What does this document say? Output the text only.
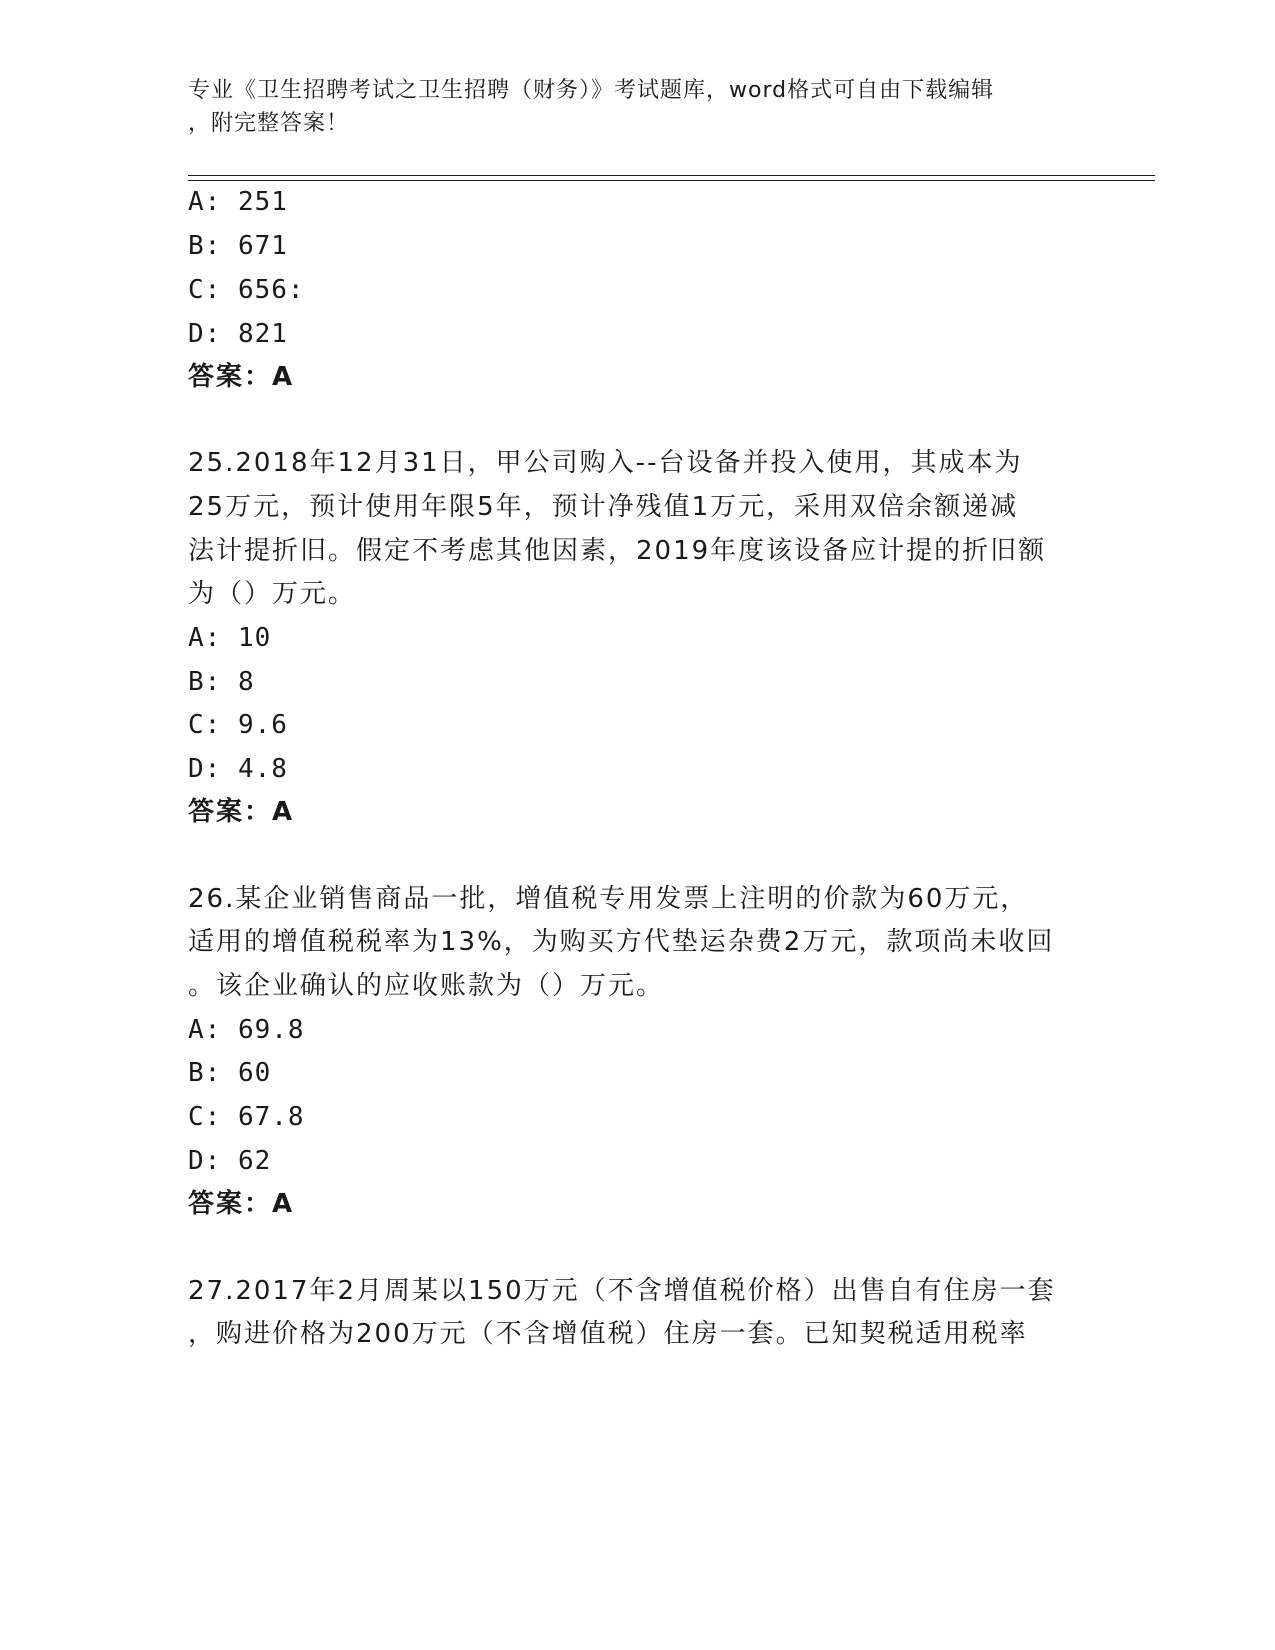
专业《卫生招聘考试之卫生招聘（财务）》考试题库，word格式可自由下载编辑
，附完整答案！
A: 251
B: 671
C: 656:
D: 821
答案：A
25.2018年12月31日，甲公司购入--台设备并投入使用，其成本为
25万元，预计使用年限5年，预计净残值1万元，采用双倍余额递减
法计提折旧。假定不考虑其他因素，2019年度该设备应计提的折旧额
为（）万元。
A: 10
B: 8
C: 9.6
D: 4.8
答案：A
26.某企业销售商品一批，增值税专用发票上注明的价款为60万元，
适用的增值税税率为13%，为购买方代垫运杂费2万元，款项尚未收回
。该企业确认的应收账款为（）万元。
A: 69.8
B: 60
C: 67.8
D: 62
答案：A
27.2017年2月周某以150万元（不含增值税价格）出售自有住房一套
，购进价格为200万元（不含增值税）住房一套。已知契税适用税率
